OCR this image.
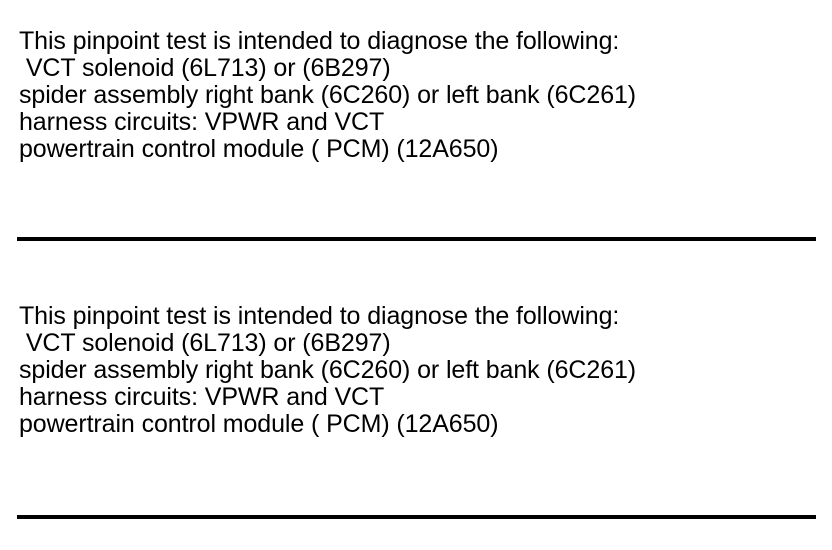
This pinpoint test is intended to diagnose the following:

VCT solenoid (6L713) or (6B297)

spider assembly right bank (6C260) or left bank (6C261)

harness circuits: VPWR and VCT

powertrain control module ( PCM) (12A650)

This pinpoint test is intended to diagnose the following:

VCT solenoid (6L713) or (6B297)

spider assembly right bank (6C260) or left bank (6C261)

harness circuits: VPWR and VCT

powertrain control module ( PCM) (12A650)
